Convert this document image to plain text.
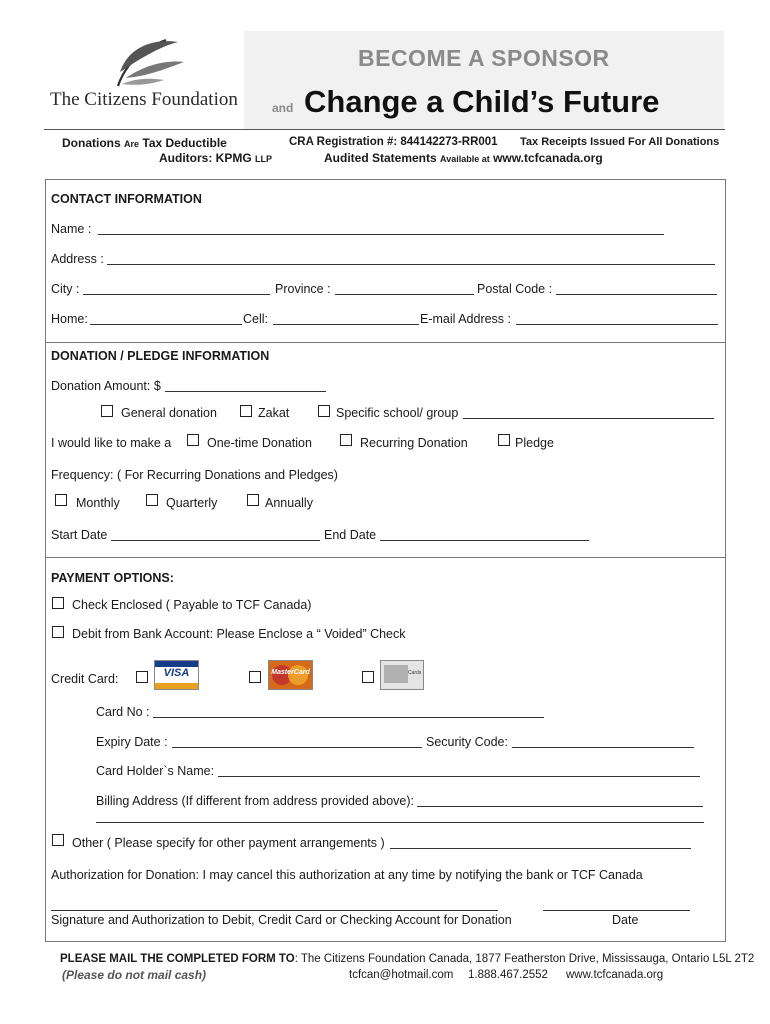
The Citizens Foundation
BECOME A SPONSOR
and Change a Child’s Future
Donations Are Tax Deductible
Auditors: KPMG LLP
CRA Registration #: 844142273-RR001
Audited Statements Available at www.tcfcanada.org
Tax Receipts Issued For All Donations
CONTACT INFORMATION
Name :
Address :
City :	Province :	Postal Code :
Home:	Cell:	E-mail Address :
DONATION / PLEDGE INFORMATION
Donation Amount: $
General donation	Zakat	Specific school/ group
I would like to make a	One-time Donation	Recurring Donation	Pledge
Frequency: ( For Recurring Donations and Pledges)
Monthly	Quarterly	Annually
Start Date	End Date
PAYMENT OPTIONS:
Check Enclosed ( Payable to TCF Canada)
Debit from Bank Account: Please Enclose a “ Voided” Check
Credit Card:	VISA	MasterCard	Cards
Card No :
Expiry Date :	Security Code:
Card Holder`s Name:
Billing Address (If different from address provided above):
Other ( Please specify for other payment arrangements )
Authorization for Donation: I may cancel this authorization at any time by notifying the bank or TCF Canada
Signature and Authorization to Debit, Credit Card or Checking Account for Donation	Date
PLEASE MAIL THE COMPLETED FORM TO: The Citizens Foundation Canada, 1877 Featherston Drive, Mississauga, Ontario L5L 2T2
(Please do not mail cash)	tcfcan@hotmail.com 1.888.467.2552 www.tcfcanada.org
